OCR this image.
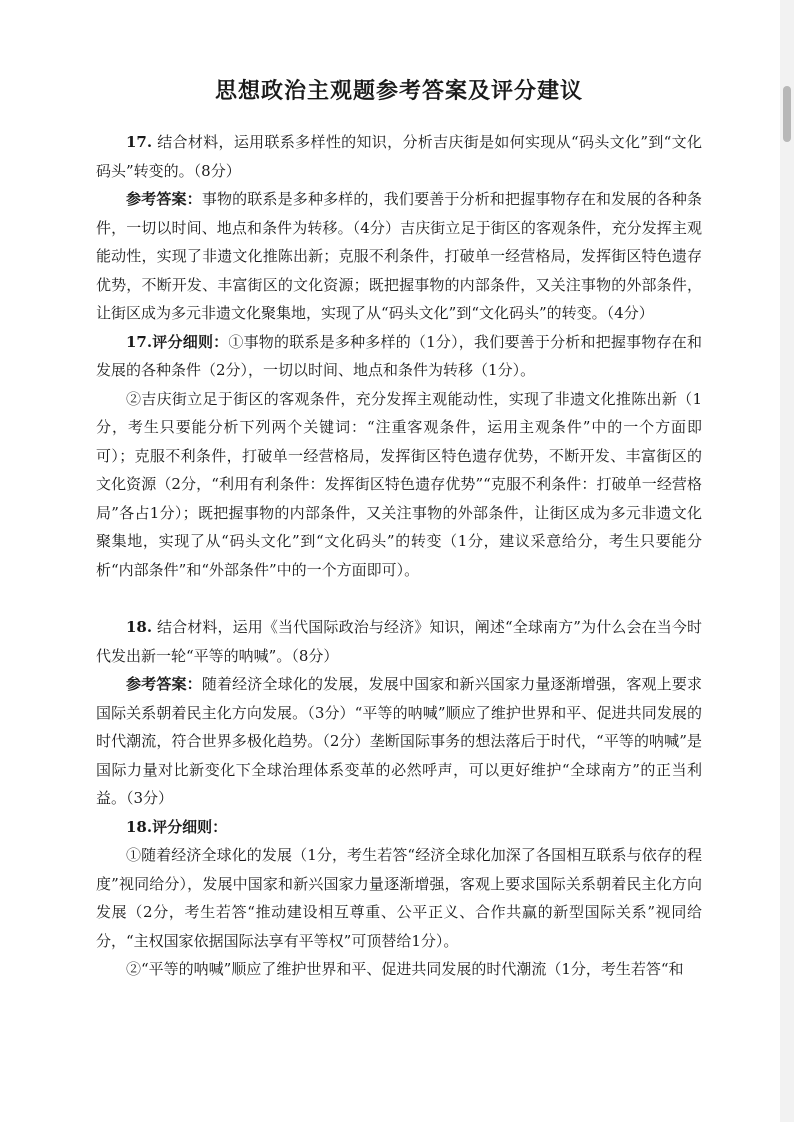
思想政治主观题参考答案及评分建议

17. 结合材料，运用联系多样性的知识，分析吉庆街是如何实现从“码头文化”到“文化码头”转变的。（8分）

参考答案：事物的联系是多种多样的，我们要善于分析和把握事物存在和发展的各种条件，一切以时间、地点和条件为转移。（4分）吉庆街立足于街区的客观条件，充分发挥主观能动性，实现了非遗文化推陈出新；克服不利条件，打破单一经营格局，发挥街区特色遗存优势，不断开发、丰富街区的文化资源；既把握事物的内部条件，又关注事物的外部条件，让街区成为多元非遗文化聚集地，实现了从“码头文化”到“文化码头”的转变。（4分）

17.评分细则：①事物的联系是多种多样的（1分），我们要善于分析和把握事物存在和发展的各种条件（2分），一切以时间、地点和条件为转移（1分）。

②吉庆街立足于街区的客观条件，充分发挥主观能动性，实现了非遗文化推陈出新（1分，考生只要能分析下列两个关键词：“注重客观条件，运用主观条件”中的一个方面即可）；克服不利条件，打破单一经营格局，发挥街区特色遗存优势，不断开发、丰富街区的文化资源（2分，“利用有利条件：发挥街区特色遗存优势”“克服不利条件：打破单一经营格局”各占1分）；既把握事物的内部条件，又关注事物的外部条件，让街区成为多元非遗文化聚集地，实现了从“码头文化”到“文化码头”的转变（1分，建议采意给分，考生只要能分析“内部条件”和“外部条件”中的一个方面即可）。

18. 结合材料，运用《当代国际政治与经济》知识，阐述“全球南方”为什么会在当今时代发出新一轮“平等的呐喊”。（8分）

参考答案：随着经济全球化的发展，发展中国家和新兴国家力量逐渐增强，客观上要求国际关系朝着民主化方向发展。（3分）“平等的呐喊”顺应了维护世界和平、促进共同发展的时代潮流，符合世界多极化趋势。（2分）垄断国际事务的想法落后于时代，“平等的呐喊”是国际力量对比新变化下全球治理体系变革的必然呼声，可以更好维护“全球南方”的正当利益。（3分）

18.评分细则：

①随着经济全球化的发展（1分，考生若答“经济全球化加深了各国相互联系与依存的程度”视同给分），发展中国家和新兴国家力量逐渐增强，客观上要求国际关系朝着民主化方向发展（2分，考生若答“推动建设相互尊重、公平正义、合作共赢的新型国际关系”视同给分，“主权国家依据国际法享有平等权”可顶替给1分）。

②“平等的呐喊”顺应了维护世界和平、促进共同发展的时代潮流（1分，考生若答“和
